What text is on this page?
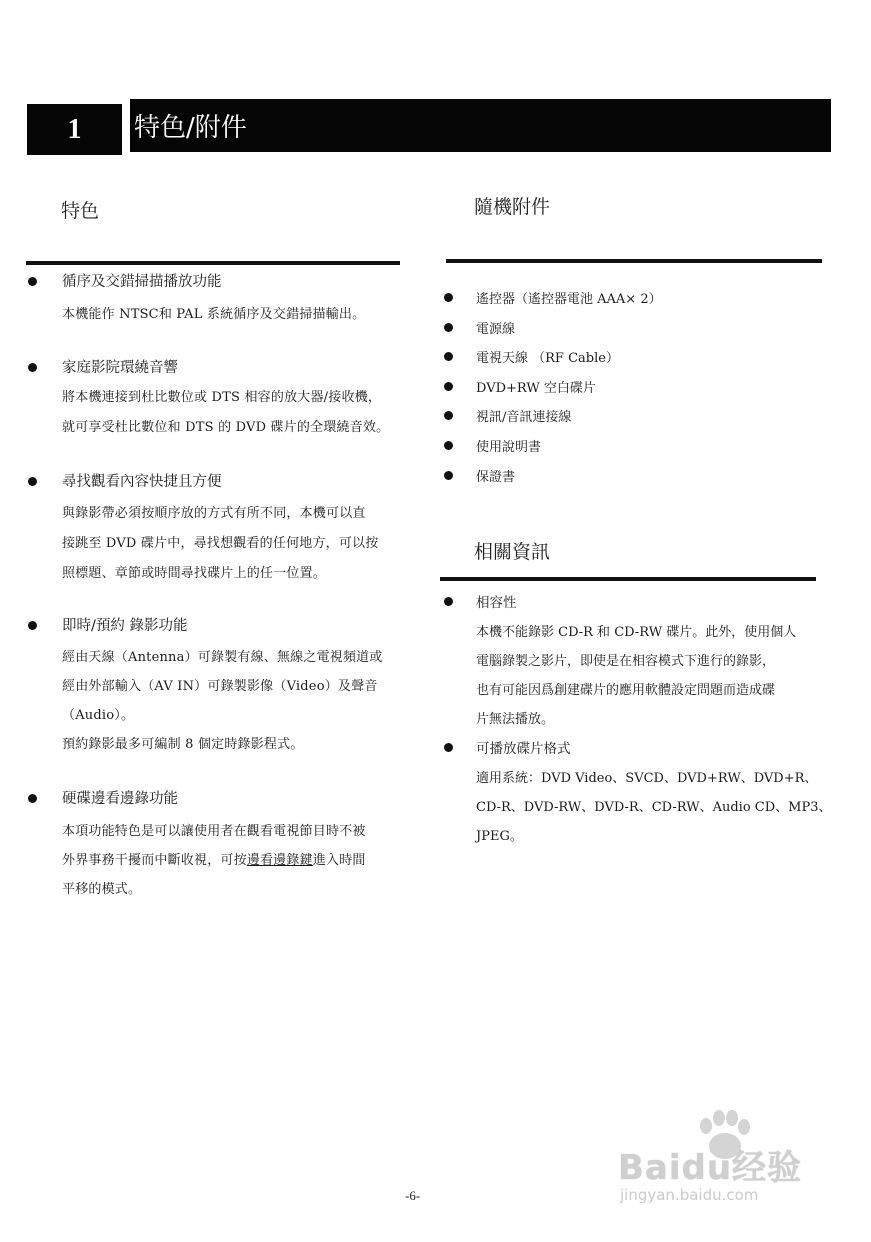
1	特色/附件
特色
循序及交錯掃描播放功能
本機能作 NTSC和 PAL 系統循序及交錯掃描輸出。
家庭影院環繞音響
將本機連接到杜比數位或 DTS 相容的放大器/接收機，
就可享受杜比數位和 DTS 的 DVD 碟片的全環繞音效。
尋找觀看內容快捷且方便
與錄影帶必須按順序放的方式有所不同，本機可以直
接跳至 DVD 碟片中，尋找想觀看的任何地方，可以按
照標題、章節或時間尋找碟片上的任一位置。
即時/預約 錄影功能
經由天線（Antenna）可錄製有線、無線之電視頻道或
經由外部輸入（AV IN）可錄製影像（Video）及聲音
（Audio）。
預約錄影最多可編制 8 個定時錄影程式。
硬碟邊看邊錄功能
本項功能特色是可以讓使用者在觀看電視節目時不被
外界事務干擾而中斷收視，可按邊看邊錄鍵進入時間
平移的模式。
隨機附件
遙控器（遙控器電池 AAA× 2）
電源線
電視天線 （RF Cable）
DVD+RW 空白碟片
視訊/音訊連接線
使用說明書
保證書
相關資訊
相容性
本機不能錄影 CD-R 和 CD-RW 碟片。此外，使用個人
電腦錄製之影片，即使是在相容模式下進行的錄影，
也有可能因爲創建碟片的應用軟體設定問題而造成碟
片無法播放。
可播放碟片格式
適用系統：DVD Video、SVCD、DVD+RW、DVD+R、
CD-R、DVD-RW、DVD-R、CD-RW、Audio CD、MP3、
JPEG。
-6-
Baidu经验
jingyan.baidu.com
